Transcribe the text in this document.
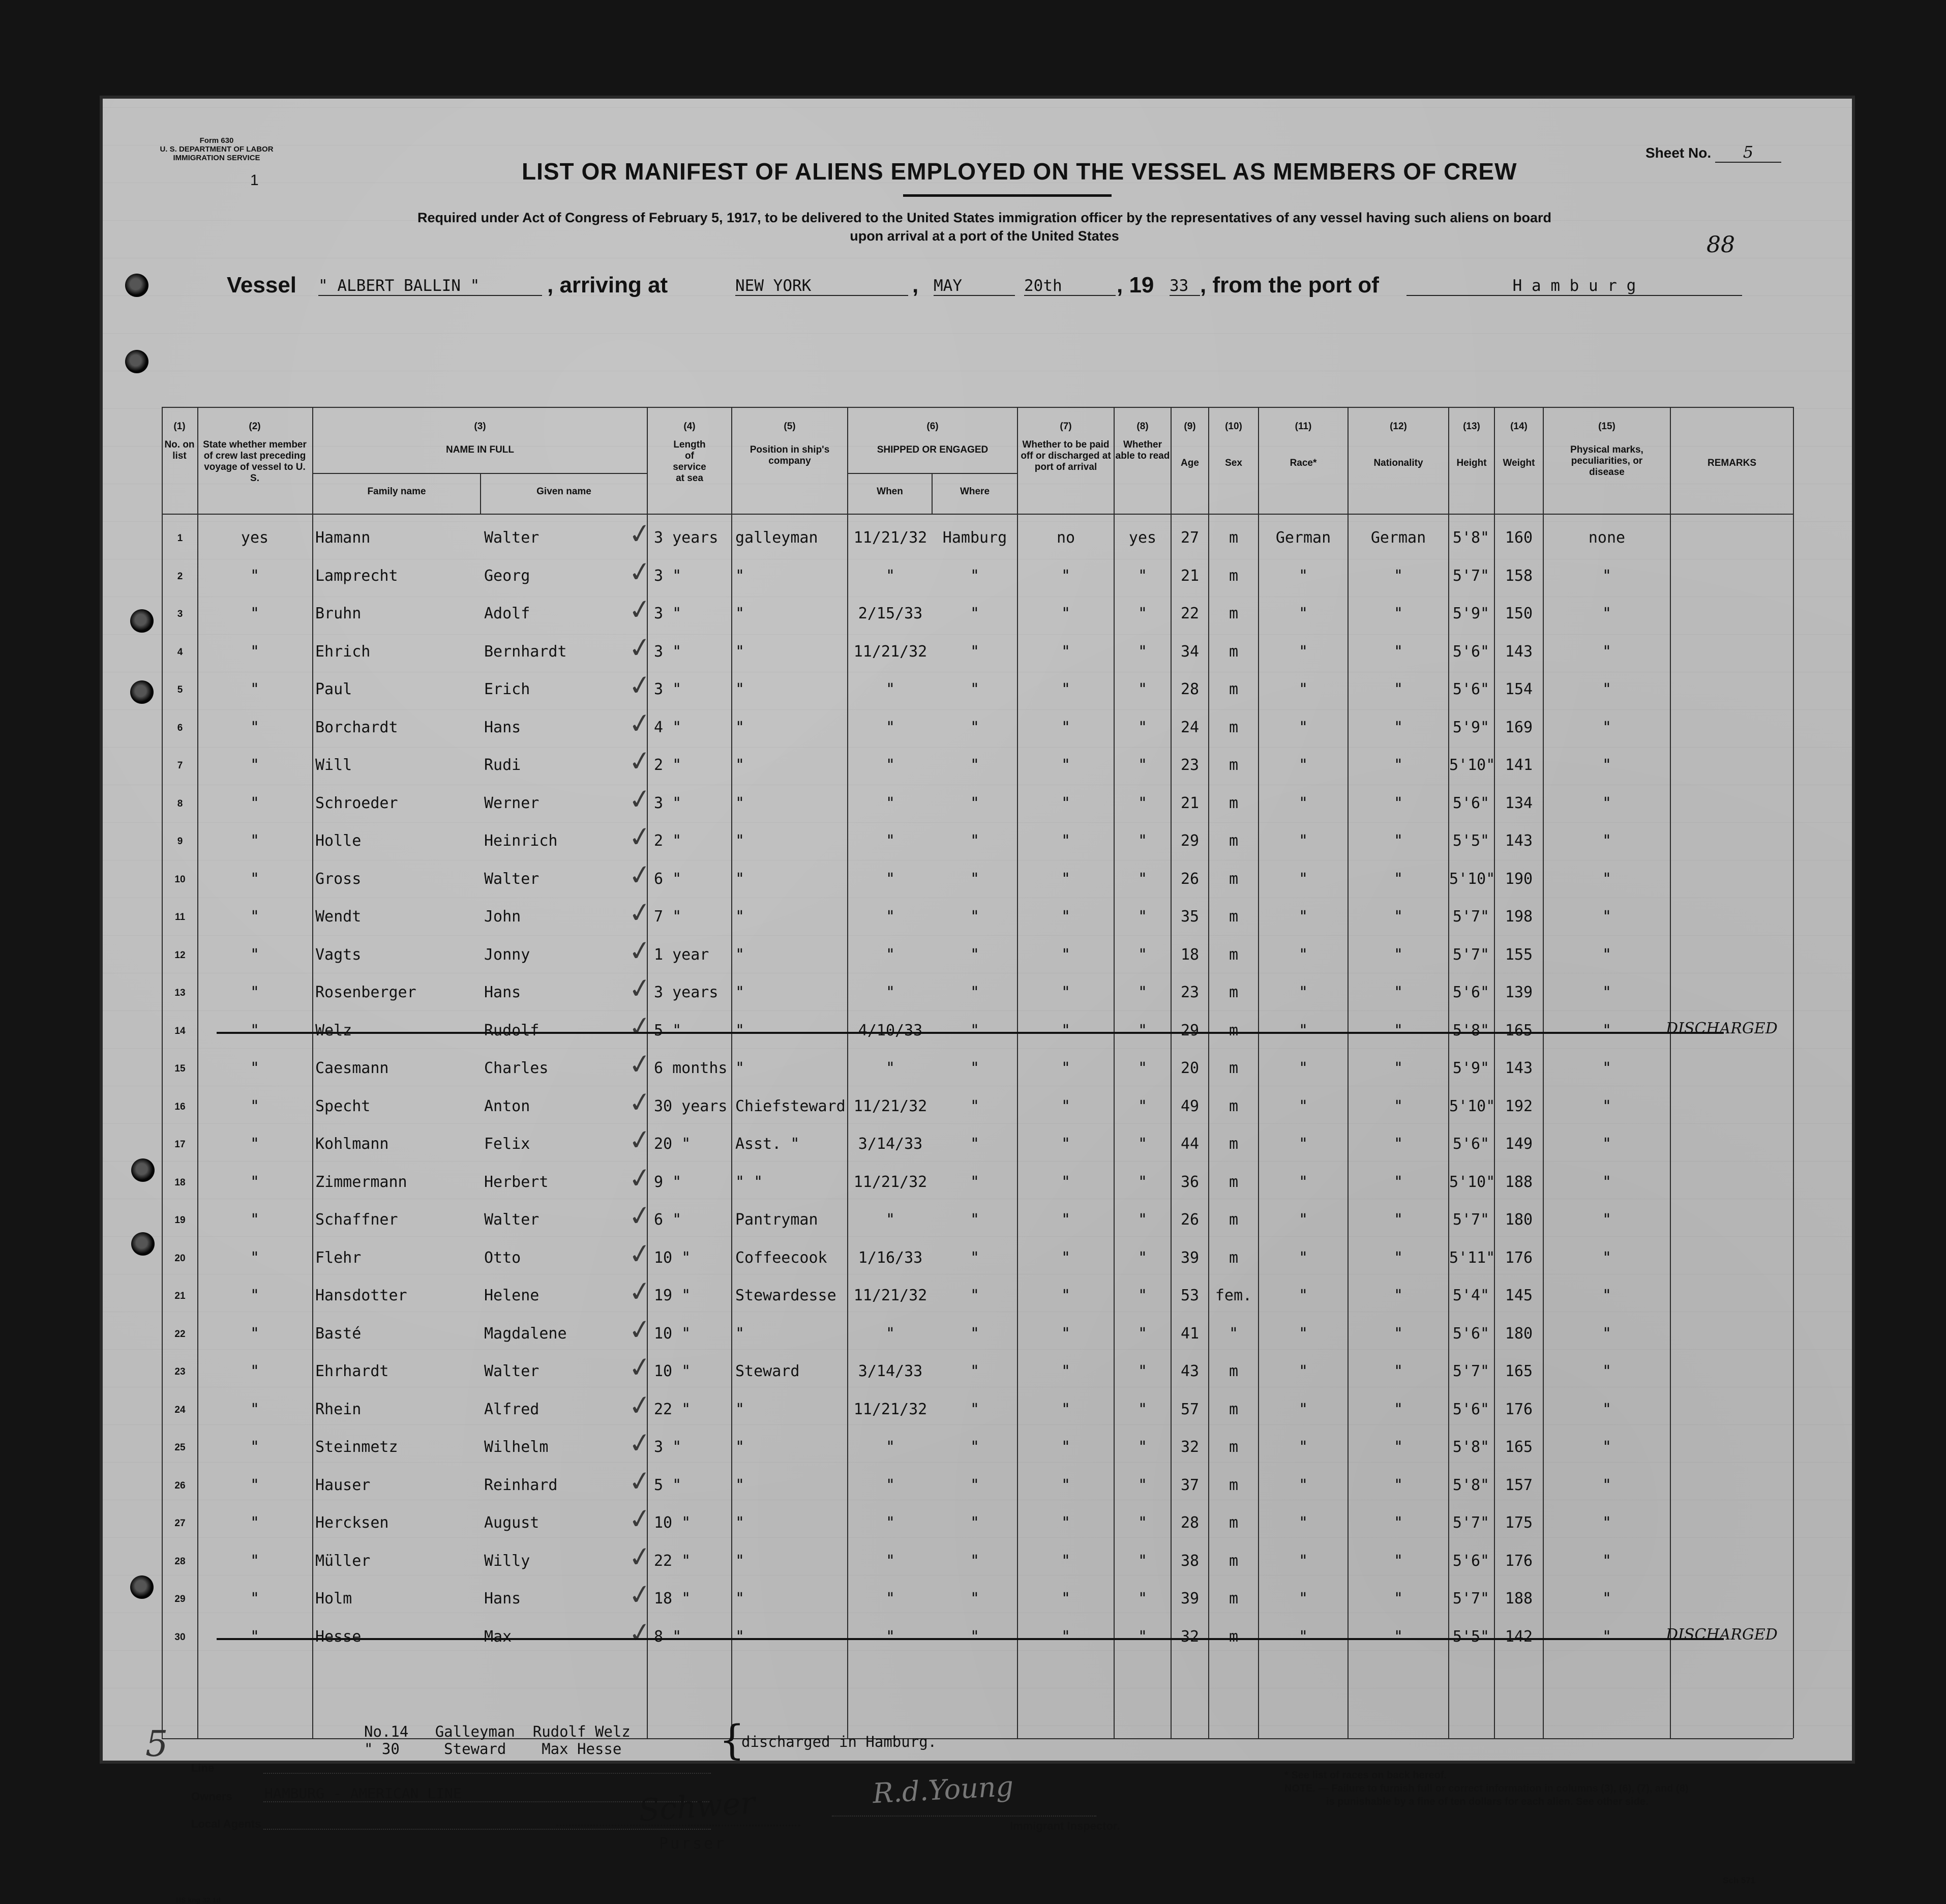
Form 630
U. S. DEPARTMENT OF LABOR
IMMIGRATION SERVICE
1	LIST OR MANIFEST OF ALIENS EMPLOYED ON THE VESSEL AS MEMBERS OF CREW
Required under Act of Congress of February 5, 1917, to be delivered to the United States immigration officer by the representatives of any vessel having such aliens on board
upon arrival at a port of the United States
Sheet No. 5
88
Vessel " ALBERT BALLIN "	, arriving at	NEW YORK	, MAY	20th	, 19 33 , from the port of	H a m b u r g
(1)
No. on list
(2)
State whether member of crew last preceding voyage of vessel to U. S.
(3)
NAME IN FULL
Family name	Given name
(4)
Length of service at sea
(5)
Position in ship's company
(6)
SHIPPED OR ENGAGED
When	Where
(7)
Whether to be paid off or discharged at port of arrival
(8)
Whether able to read
(9)
Age
(10)
Sex
(11)
Race*
(12)
Nationality
(13)
Height
(14)
Weight
(15)
Physical marks, peculiarities, or disease
REMARKS
1	yes	Hamann	Walter	3 years	galleyman	11/21/32	Hamburg	no	yes	27	m	German	German	5'8"	160	none
✓
2	"	Lamprecht	Georg	3 "	"	"	"	"	"	21	m	"	"	5'7"	158	"
✓
3	"	Bruhn	Adolf	3 "	"	2/15/33	"	"	"	22	m	"	"	5'9"	150	"
✓
4	"	Ehrich	Bernhardt	3 "	"	11/21/32	"	"	"	34	m	"	"	5'6"	143	"
✓
5	"	Paul	Erich	3 "	"	"	"	"	"	28	m	"	"	5'6"	154	"
✓
6	"	Borchardt	Hans	4 "	"	"	"	"	"	24	m	"	"	5'9"	169	"
✓
7	"	Will	Rudi	2 "	"	"	"	"	"	23	m	"	"	5'10" 141	"
✓
8	"	Schroeder	Werner	3 "	"	"	"	"	"	21	m	"	"	5'6"	134	"
✓
9	"	Holle	Heinrich	2 "	"	"	"	"	"	29	m	"	"	5'5"	143	"
✓
10	"	Gross	Walter	6 "	"	"	"	"	"	26	m	"	"	5'10" 190	"
✓
11	"	Wendt	John	7 "	"	"	"	"	"	35	m	"	"	5'7"	198	"
✓
12	"	Vagts	Jonny	1 year	"	"	"	"	"	18	m	"	"	5'7"	155	"
✓
13	"	Rosenberger	Hans	3 years	"	"	"	"	"	23	m	"	"	5'6"	139	"
✓
14	"	Welz	Rudolf	5 "	"	4/10/33	"	"	"	29	m	"	"	5'8"	165	"
✓	DISCHARGED
15	"	Caesmann	Charles	6 months "	"	"	"	"	20	m	"	"	5'9"	143	"
✓
16	"	Specht	Anton	30 years Chiefsteward 11/21/32	"	"	"	49	m	"	"	5'10" 192	"
✓
17	"	Kohlmann	Felix	20 "	Asst. "	3/14/33	"	"	"	44	m	"	"	5'6"	149	"
✓
18	"	Zimmermann	Herbert	9 "	" "	11/21/32	"	"	"	36	m	"	"	5'10" 188	"
✓
19	"	Schaffner	Walter	6 "	Pantryman	"	"	"	"	26	m	"	"	5'7"	180	"
✓
20	"	Flehr	Otto	10 "	Coffeecook	1/16/33	"	"	"	39	m	"	"	5'11" 176	"
✓
21	"	Hansdotter	Helene	19 "	Stewardesse	11/21/32	"	"	"	53	fem.	"	"	5'4"	145	"
✓
22	"	Basté	Magdalene	10 "	"	"	"	"	"	41	"	"	"	5'6"	180	"
✓
23	"	Ehrhardt	Walter	10 "	Steward	3/14/33	"	"	"	43	m	"	"	5'7"	165	"
✓
24	"	Rhein	Alfred	22 "	"	11/21/32	"	"	"	57	m	"	"	5'6"	176	"
✓
25	"	Steinmetz	Wilhelm	3 "	"	"	"	"	"	32	m	"	"	5'8"	165	"
✓
26	"	Hauser	Reinhard	5 "	"	"	"	"	"	37	m	"	"	5'8"	157	"
✓
27	"	Hercksen	August	10 "	"	"	"	"	"	28	m	"	"	5'7"	175	"
✓
28	"	Müller	Willy	22 "	"	"	"	"	"	38	m	"	"	5'6"	176	"
✓
29	"	Holm	Hans	18 "	"	"	"	"	"	39	m	"	"	5'7"	188	"
✓
30	"	Hesse	Max	8 "	"	"	"	"	"	32	m	"	"	5'5"	142	"
✓	DISCHARGED
5	No.14 Galleyman Rudolf Welz
" 30	Steward Max Hesse {
discharged in Hamburg.
Line
Owners HAMBURG - AMERICAN LINE
Local Agents	Schwer
Purser
R.d.Young
Immigrant Inspector.
* See list of races on back hereof.
NOTE. — Failure to furnish full or correct information in columns (3), (6), (7), and (8)
is punishable by a fine of ten dollars for each alien. See other side.
HS kng 32 1d
Sch 571
